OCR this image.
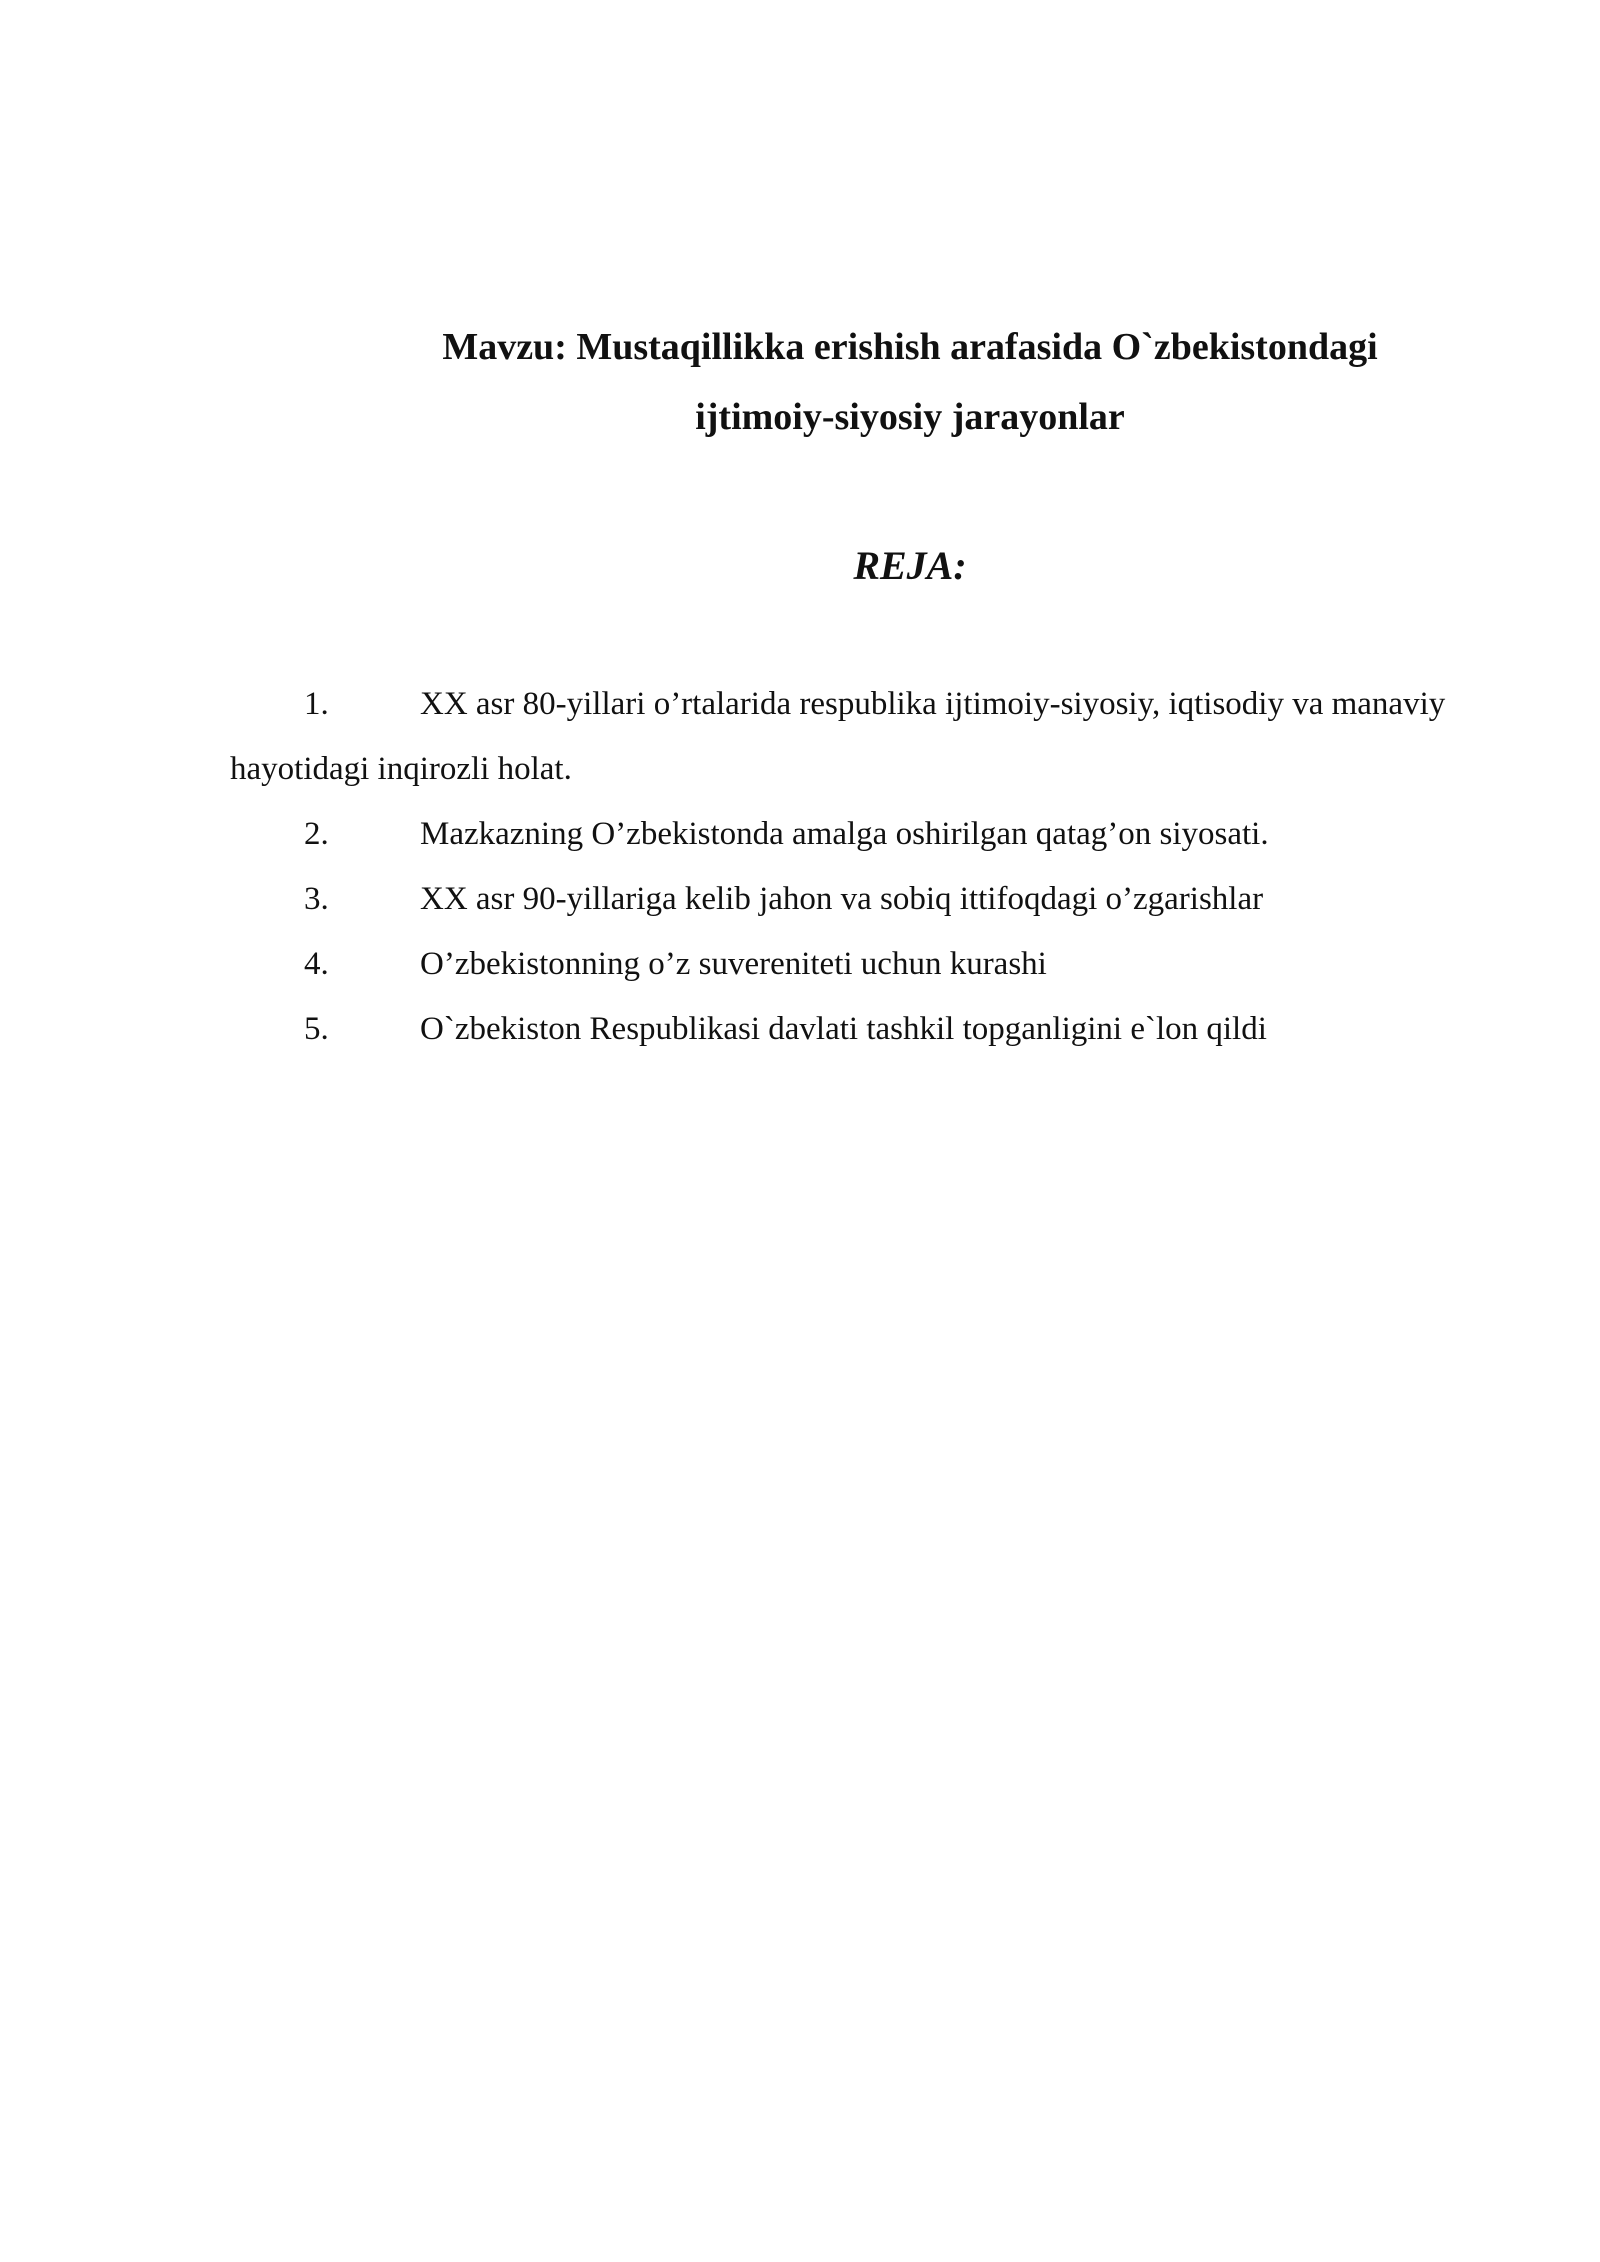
Mavzu: Mustaqillikka erishish arafasida O`zbekistondagi
ijtimoiy-siyosiy jarayonlar
REJA:
1.	XX asr 80-yillari o’rtalarida respublika ijtimoiy-siyosiy, iqtisodiy va manaviy hayotidagi inqirozli holat.
2.	Mazkazning O’zbekistonda amalga oshirilgan qatag’on siyosati.
3.	XX asr 90-yillariga kelib jahon va sobiq ittifoqdagi o’zgarishlar
4.	O’zbekistonning o’z suvereniteti uchun kurashi
5.	O`zbekiston Respublikasi davlati tashkil topganligini e`lon qildi
